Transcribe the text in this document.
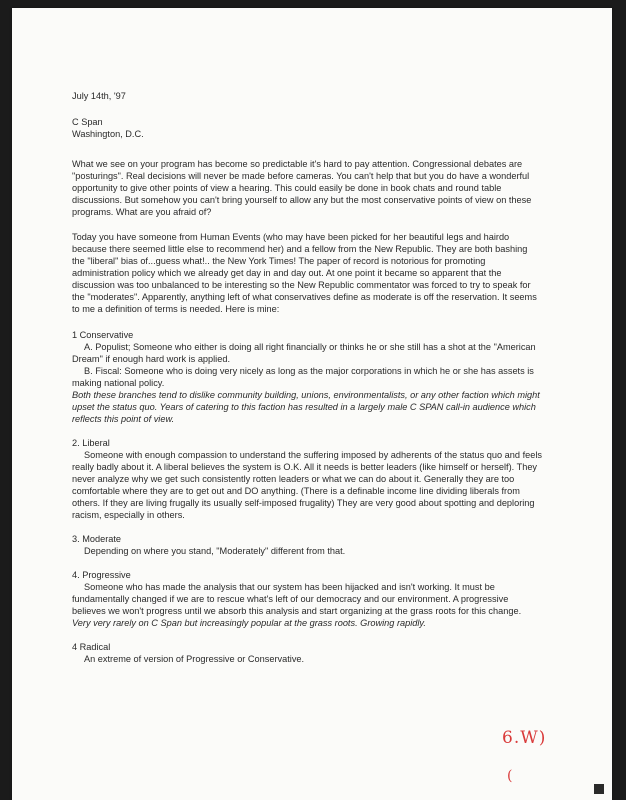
July 14th, '97

C Span

Washington, D.C.

What we see on your program has become so predictable it's hard to pay attention. Congressional debates are "posturings". Real decisions will never be made before cameras. You can't help that but you do have a wonderful opportunity to give other points of view a hearing. This could easily be done in book chats and round table discussions. But somehow you can't bring yourself to allow any but the most conservative points of view on these programs. What are you afraid of?

Today you have someone from Human Events (who may have been picked for her beautiful legs and hairdo because there seemed little else to recommend her) and a fellow from the New Republic. They are both bashing the "liberal" bias of...guess what!.. the New York Times! The paper of record is notorious for promoting administration policy which we already get day in and day out. At one point it became so apparent that the discussion was too unbalanced to be interesting so the New Republic commentator was forced to try to speak for the "moderates". Apparently, anything left of what conservatives define as moderate is off the reservation. It seems to me a definition of terms is needed. Here is mine:

1 Conservative

A. Populist; Someone who either is doing all right financially or thinks he or she still has a shot at the "American Dream" if enough hard work is applied.

B. Fiscal: Someone who is doing very nicely as long as the major corporations in which he or she has assets is making national policy.

Both these branches tend to dislike community building, unions, environmentalists, or any other faction which might upset the status quo. Years of catering to this faction has resulted in a largely male C SPAN call-in audience which reflects this point of view.

2. Liberal

Someone with enough compassion to understand the suffering imposed by adherents of the status quo and feels really badly about it. A liberal believes the system is O.K. All it needs is better leaders (like himself or herself). They never analyze why we get such consistently rotten leaders or what we can do about it. Generally they are too comfortable where they are to get out and DO anything. (There is a definable income line dividing liberals from others. If they are living frugally its usually self-imposed frugality) They are very good about spotting and deploring racism, especially in others.

3. Moderate

Depending on where you stand, "Moderately" different from that.

4. Progressive

Someone who has made the analysis that our system has been hijacked and isn't working. It must be fundamentally changed if we are to rescue what's left of our democracy and our environment. A progressive believes we won't progress until we absorb this analysis and start organizing at the grass roots for this change.

Very very rarely on C Span but increasingly popular at the grass roots. Growing rapidly.

4 Radical

An extreme of version of Progressive or Conservative.

6.W)
(
